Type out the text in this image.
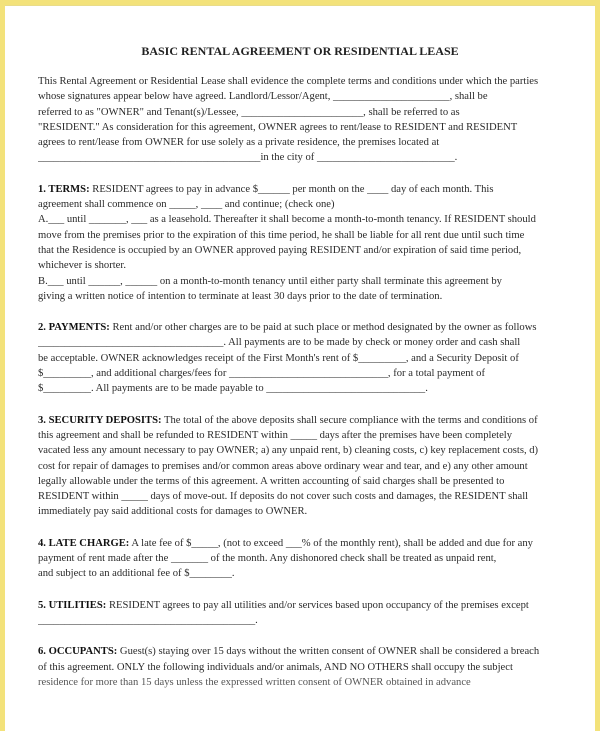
BASIC RENTAL AGREEMENT OR RESIDENTIAL LEASE
This Rental Agreement or Residential Lease shall evidence the complete terms and conditions under which the parties
whose signatures appear below have agreed. Landlord/Lessor/Agent, ______________________, shall be
referred to as "OWNER" and Tenant(s)/Lessee, _______________________, shall be referred to as
"RESIDENT." As consideration for this agreement, OWNER agrees to rent/lease to RESIDENT and RESIDENT
agrees to rent/lease from OWNER for use solely as a private residence, the premises located at
__________________________________________in the city of __________________________.
1. TERMS: RESIDENT agrees to pay in advance $______ per month on the ____ day of each month. This
agreement shall commence on _____, ____ and continue; (check one)
A.___ until _______, ___ as a leasehold. Thereafter it shall become a month-to-month tenancy. If RESIDENT should
move from the premises prior to the expiration of this time period, he shall be liable for all rent due until such time
that the Residence is occupied by an OWNER approved paying RESIDENT and/or expiration of said time period,
whichever is shorter.
B.___ until ______, ______ on a month-to-month tenancy until either party shall terminate this agreement by
giving a written notice of intention to terminate at least 30 days prior to the date of termination.
2. PAYMENTS: Rent and/or other charges are to be paid at such place or method designated by the owner as follows
___________________________________. All payments are to be made by check or money order and cash shall
be acceptable. OWNER acknowledges receipt of the First Month's rent of $_________, and a Security Deposit of
$_________, and additional charges/fees for ______________________________, for a total payment of
$_________. All payments are to be made payable to ______________________________.
3. SECURITY DEPOSITS: The total of the above deposits shall secure compliance with the terms and conditions of
this agreement and shall be refunded to RESIDENT within _____ days after the premises have been completely
vacated less any amount necessary to pay OWNER; a) any unpaid rent, b) cleaning costs, c) key replacement costs, d)
cost for repair of damages to premises and/or common areas above ordinary wear and tear, and e) any other amount
legally allowable under the terms of this agreement. A written accounting of said charges shall be presented to
RESIDENT within _____ days of move-out. If deposits do not cover such costs and damages, the RESIDENT shall
immediately pay said additional costs for damages to OWNER.
4. LATE CHARGE: A late fee of $_____, (not to exceed ___% of the monthly rent), shall be added and due for any
payment of rent made after the _______ of the month. Any dishonored check shall be treated as unpaid rent,
and subject to an additional fee of $________.
5. UTILITIES: RESIDENT agrees to pay all utilities and/or services based upon occupancy of the premises except
_________________________________________.
6. OCCUPANTS: Guest(s) staying over 15 days without the written consent of OWNER shall be considered a breach
of this agreement. ONLY the following individuals and/or animals, AND NO OTHERS shall occupy the subject
residence for more than 15 days unless the expressed written consent of OWNER obtained in advance
